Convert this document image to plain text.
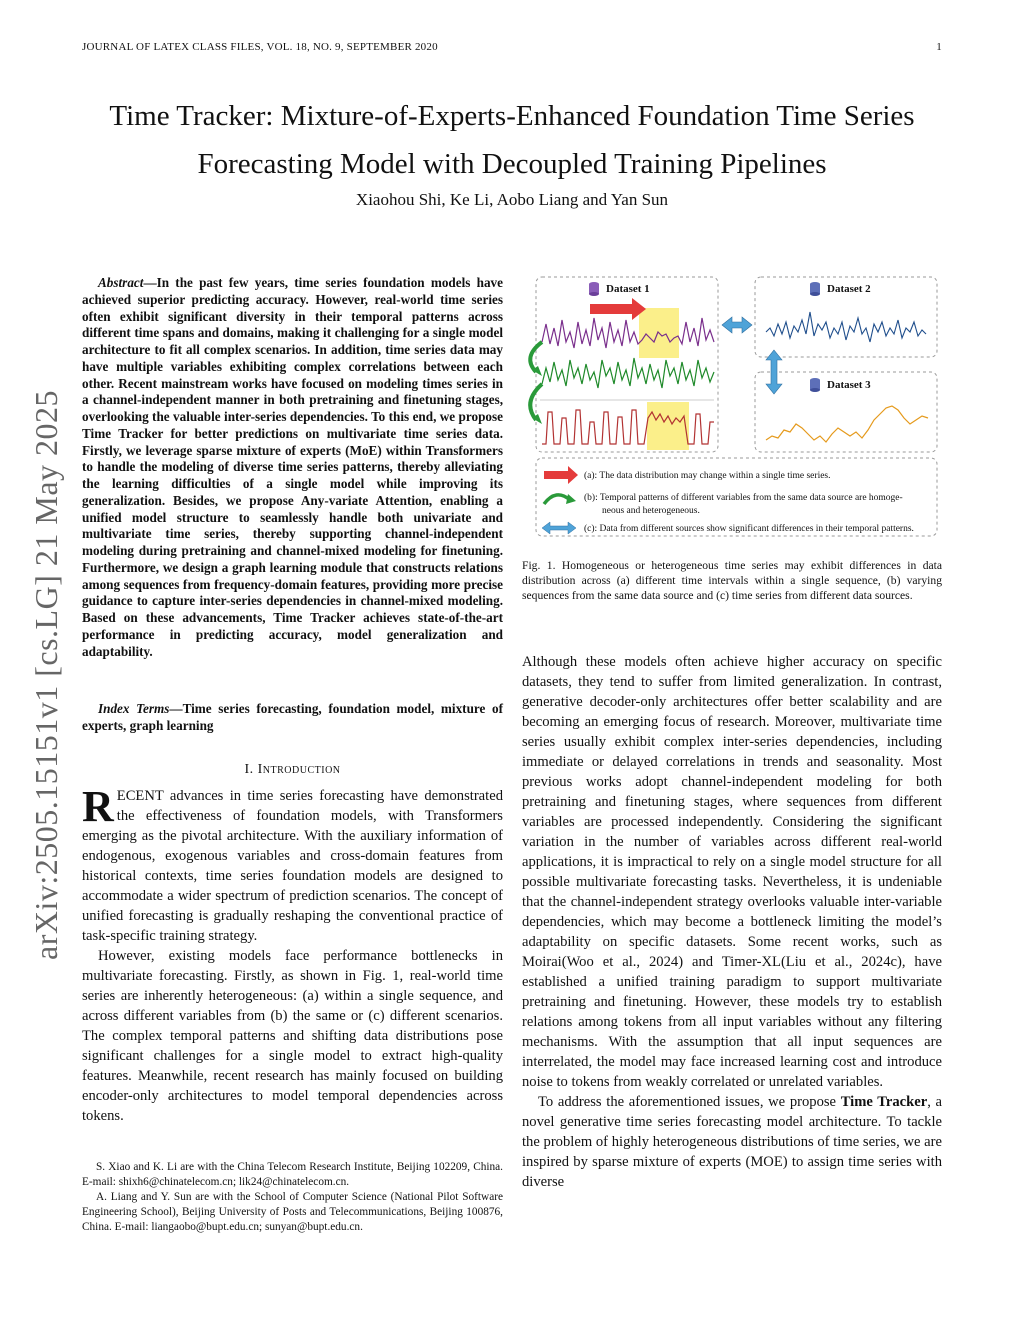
JOURNAL OF LATEX CLASS FILES, VOL. 18, NO. 9, SEPTEMBER 2020	1
Time Tracker: Mixture-of-Experts-Enhanced Foundation Time Series Forecasting Model with Decoupled Training Pipelines
Xiaohou Shi, Ke Li, Aobo Liang and Yan Sun
arXiv:2505.15151v1 [cs.LG] 21 May 2025
Abstract—In the past few years, time series foundation models have achieved superior predicting accuracy. However, real-world time series often exhibit significant diversity in their temporal patterns across different time spans and domains, making it challenging for a single model architecture to fit all complex scenarios. In addition, time series data may have multiple variables exhibiting complex correlations between each other. Recent mainstream works have focused on modeling times series in a channel-independent manner in both pretraining and finetuning stages, overlooking the valuable inter-series dependencies. To this end, we propose Time Tracker for better predictions on multivariate time series data. Firstly, we leverage sparse mixture of experts (MoE) within Transformers to handle the modeling of diverse time series patterns, thereby alleviating the learning difficulties of a single model while improving its generalization. Besides, we propose Any-variate Attention, enabling a unified model structure to seamlessly handle both univariate and multivariate time series, thereby supporting channel-independent modeling during pretraining and channel-mixed modeling for finetuning. Furthermore, we design a graph learning module that constructs relations among sequences from frequency-domain features, providing more precise guidance to capture inter-series dependencies in channel-mixed modeling. Based on these advancements, Time Tracker achieves state-of-the-art performance in predicting accuracy, model generalization and adaptability.
Index Terms—Time series forecasting, foundation model, mixture of experts, graph learning
I. Introduction

RECENT advances in time series forecasting have demonstrated the effectiveness of foundation models, with Transformers emerging as the pivotal architecture. With the auxiliary information of endogenous, exogenous variables and cross-domain features from historical contexts, time series foundation models are designed to accommodate a wider spectrum of prediction scenarios. The concept of unified forecasting is gradually reshaping the conventional practice of task-specific training strategy.

However, existing models face performance bottlenecks in multivariate forecasting. Firstly, as shown in Fig. 1, real-world time series are inherently heterogeneous: (a) within a single sequence, and across different variables from (b) the same or (c) different scenarios. The complex temporal patterns and shifting data distributions pose significant challenges for a single model to extract high-quality features. Meanwhile, recent research has mainly focused on building encoder-only architectures to model temporal dependencies across tokens.

S. Xiao and K. Li are with the China Telecom Research Institute, Beijing 102209, China. E-mail: shixh6@chinatelecom.cn; lik24@chinatelecom.cn.

A. Liang and Y. Sun are with the School of Computer Science (National Pilot Software Engineering School), Beijing University of Posts and Telecommunications, Beijing 100876, China. E-mail: liangaobo@bupt.edu.cn; sunyan@bupt.edu.cn.

Dataset 1	Dataset 2
Dataset 3
(a): The data distribution may change within a single time series.
(b): Temporal patterns of different variables from the same data source are homoge-
neous and heterogeneous.
(c): Data from different sources show significant differences in their temporal patterns.
Fig. 1. Homogeneous or heterogeneous time series may exhibit differences in data distribution across (a) different time intervals within a single sequence, (b) varying sequences from the same data source and (c) time series from different data sources.

Although these models often achieve higher accuracy on specific datasets, they tend to suffer from limited generalization. In contrast, generative decoder-only architectures offer better scalability and are becoming an emerging focus of research. Moreover, multivariate time series usually exhibit complex inter-series dependencies, including immediate or delayed correlations in trends and seasonality. Most previous works adopt channel-independent modeling for both pretraining and finetuning stages, where sequences from different variables are processed independently. Considering the significant variation in the number of variables across different real-world applications, it is impractical to rely on a single model structure for all possible multivariate forecasting tasks. Nevertheless, it is undeniable that the channel-independent strategy overlooks valuable inter-variable dependencies, which may become a bottleneck limiting the model’s adaptability on specific datasets. Some recent works, such as Moirai(Woo et al., 2024) and Timer-XL(Liu et al., 2024c), have established a unified training paradigm to support multivariate pretraining and finetuning. However, these models try to establish relations among tokens from all input variables without any filtering mechanisms. With the assumption that all input sequences are interrelated, the model may face increased learning cost and introduce noise to tokens from weakly correlated or unrelated variables.

To address the aforementioned issues, we propose Time Tracker, a novel generative time series forecasting model architecture. To tackle the problem of highly heterogeneous distributions of time series, we are inspired by sparse mixture of experts (MOE) to assign time series with diverse
